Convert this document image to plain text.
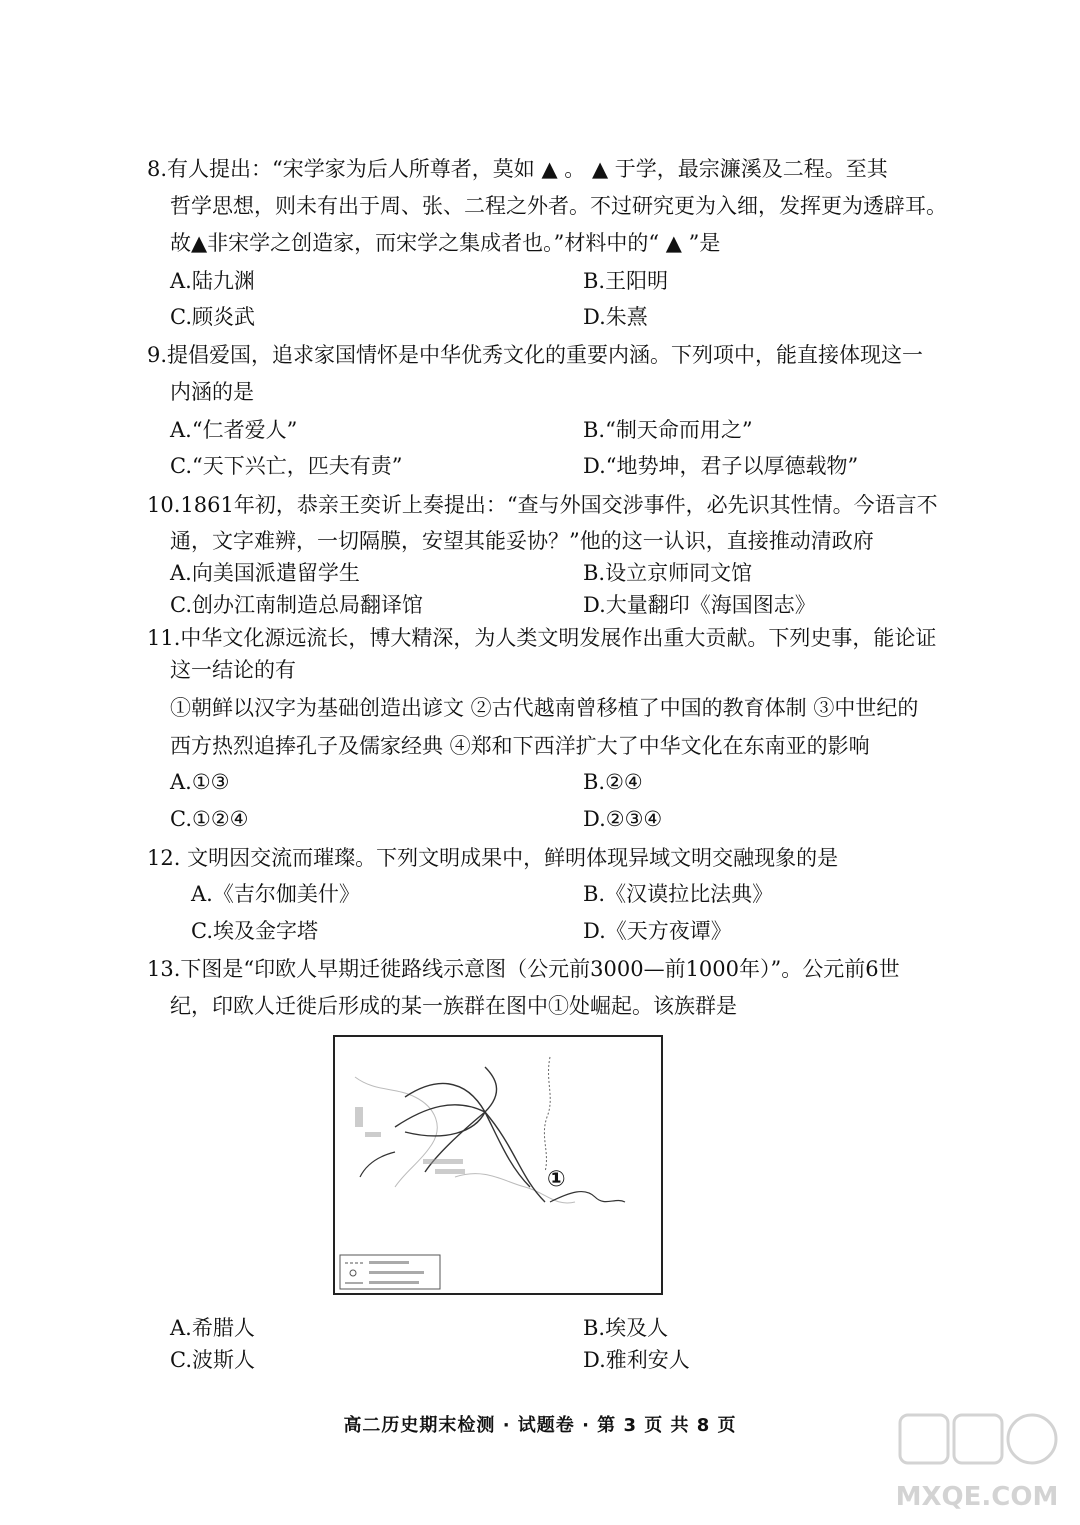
8.有人提出：“宋学家为后人所尊者，莫如 ▲ 。 ▲ 于学，最宗濂溪及二程。至其
哲学思想，则未有出于周、张、二程之外者。不过研究更为入细，发挥更为透辟耳。
故▲非宋学之创造家，而宋学之集成者也。”材料中的“ ▲ ”是
A.陆九渊	B.王阳明
C.顾炎武	D.朱熹
9.提倡爱国，追求家国情怀是中华优秀文化的重要内涵。下列项中，能直接体现这一
内涵的是
A.“仁者爱人”	B.“制天命而用之”
C.“天下兴亡，匹夫有责”	D.“地势坤，君子以厚德载物”
10.1861年初，恭亲王奕䜣上奏提出：“查与外国交涉事件，必先识其性情。今语言不
通，文字难辨，一切隔膜，安望其能妥协？”他的这一认识，直接推动清政府
A.向美国派遣留学生	B.设立京师同文馆
C.创办江南制造总局翻译馆	D.大量翻印《海国图志》
11.中华文化源远流长，博大精深，为人类文明发展作出重大贡献。下列史事，能论证
这一结论的有
①朝鲜以汉字为基础创造出谚文 ②古代越南曾移植了中国的教育体制 ③中世纪的
西方热烈追捧孔子及儒家经典 ④郑和下西洋扩大了中华文化在东南亚的影响
A.①③	B.②④
C.①②④	D.②③④
12. 文明因交流而璀璨。下列文明成果中，鲜明体现异域文明交融现象的是
A.《吉尔伽美什》	B.《汉谟拉比法典》
C.埃及金字塔	D.《天方夜谭》
13.下图是“印欧人早期迁徙路线示意图（公元前3000—前1000年）”。公元前6世
纪，印欧人迁徙后形成的某一族群在图中①处崛起。该族群是
①
A.希腊人	B.埃及人
C.波斯人	D.雅利安人
高二历史期末检测 · 试题卷 · 第 3 页 共 8 页
MXQE.COM
